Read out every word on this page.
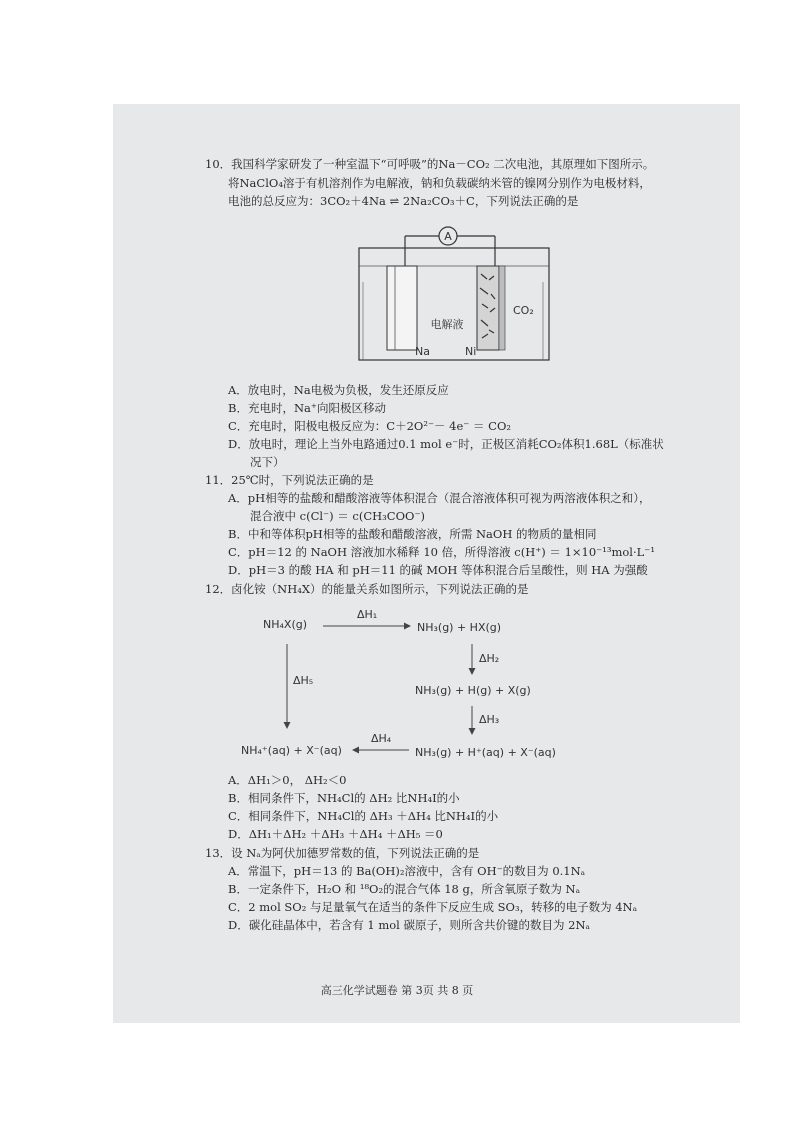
10．我国科学家研发了一种室温下“可呼吸”的Na－CO₂ 二次电池，其原理如下图所示。
将NaClO₄溶于有机溶剂作为电解液，钠和负载碳纳米管的镍网分别作为电极材料，
电池的总反应为：3CO₂＋4Na ⇌ 2Na₂CO₃＋C，下列说法正确的是
A
电解液
CO₂
Na	Ni
A．放电时，Na电极为负极，发生还原反应
B．充电时，Na⁺向阳极区移动
C．充电时，阳极电极反应为：C＋2O²⁻－ 4e⁻ ＝ CO₂
D．放电时，理论上当外电路通过0.1 mol e⁻时，正极区消耗CO₂体积1.68L（标准状
况下）
11．25℃时，下列说法正确的是
A．pH相等的盐酸和醋酸溶液等体积混合（混合溶液体积可视为两溶液体积之和），
混合液中 c(Cl⁻) ＝ c(CH₃COO⁻)
B．中和等体积pH相等的盐酸和醋酸溶液，所需 NaOH 的物质的量相同
C．pH＝12 的 NaOH 溶液加水稀释 10 倍，所得溶液 c(H⁺) ＝ 1×10⁻¹³mol·L⁻¹
D．pH＝3 的酸 HA 和 pH＝11 的碱 MOH 等体积混合后呈酸性，则 HA 为强酸
12．卤化铵（NH₄X）的能量关系如图所示，下列说法正确的是
NH₄X(g)
ΔH₁
NH₃(g) + HX(g)
ΔH₂
ΔH₅
NH₃(g) + H(g) + X(g)
ΔH₃
NH₄⁺(aq) + X⁻(aq)
ΔH₄
NH₃(g) + H⁺(aq) + X⁻(aq)
A．ΔH₁＞0， ΔH₂＜0
B．相同条件下，NH₄Cl的 ΔH₂ 比NH₄I的小
C．相同条件下，NH₄Cl的 ΔH₃ ＋ΔH₄ 比NH₄I的小
D．ΔH₁＋ΔH₂ ＋ΔH₃ ＋ΔH₄ ＋ΔH₅ ＝0
13．设 Nₐ为阿伏加德罗常数的值，下列说法正确的是
A．常温下，pH＝13 的 Ba(OH)₂溶液中，含有 OH⁻的数目为 0.1Nₐ
B．一定条件下，H₂O 和 ¹⁸O₂的混合气体 18 g，所含氧原子数为 Nₐ
C．2 mol SO₂ 与足量氧气在适当的条件下反应生成 SO₃，转移的电子数为 4Nₐ
D．碳化硅晶体中，若含有 1 mol 碳原子，则所含共价键的数目为 2Nₐ
高三化学试题卷 第 3页 共 8 页
